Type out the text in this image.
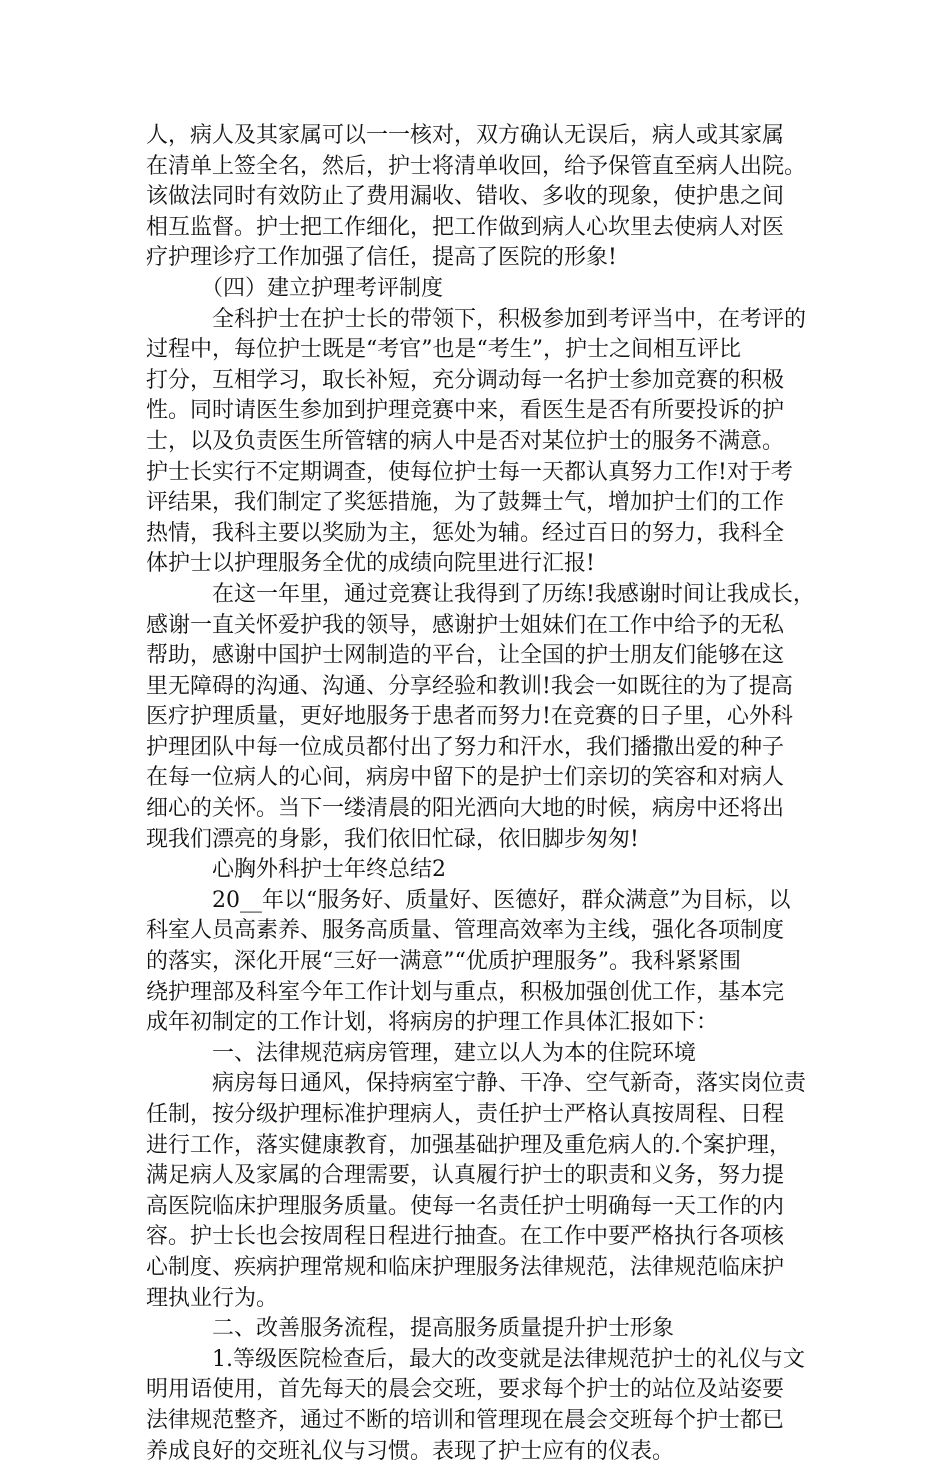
人，病人及其家属可以一一核对，双方确认无误后，病人或其家属
在清单上签全名，然后，护士将清单收回，给予保管直至病人出院。
该做法同时有效防止了费用漏收、错收、多收的现象，使护患之间
相互监督。护士把工作细化，把工作做到病人心坎里去使病人对医
疗护理诊疗工作加强了信任，提高了医院的形象!

　　　（四）建立护理考评制度

　　　全科护士在护士长的带领下，积极参加到考评当中，在考评的
过程中，每位护士既是“考官”也是“考生”，护士之间相互评比
打分，互相学习，取长补短，充分调动每一名护士参加竞赛的积极
性。同时请医生参加到护理竞赛中来，看医生是否有所要投诉的护
士，以及负责医生所管辖的病人中是否对某位护士的服务不满意。
护士长实行不定期调查，使每位护士每一天都认真努力工作!对于考
评结果，我们制定了奖惩措施，为了鼓舞士气，增加护士们的工作
热情，我科主要以奖励为主，惩处为辅。经过百日的努力，我科全
体护士以护理服务全优的成绩向院里进行汇报!

　　　在这一年里，通过竞赛让我得到了历练!我感谢时间让我成长，
感谢一直关怀爱护我的领导，感谢护士姐妹们在工作中给予的无私
帮助，感谢中国护士网制造的平台，让全国的护士朋友们能够在这
里无障碍的沟通、沟通、分享经验和教训!我会一如既往的为了提高
医疗护理质量，更好地服务于患者而努力!在竞赛的日子里，心外科
护理团队中每一位成员都付出了努力和汗水，我们播撒出爱的种子
在每一位病人的心间，病房中留下的是护士们亲切的笑容和对病人
细心的关怀。当下一缕清晨的阳光洒向大地的时候，病房中还将出
现我们漂亮的身影，我们依旧忙碌，依旧脚步匆匆!

　　　心胸外科护士年终总结2

　　　20__年以“服务好、质量好、医德好，群众满意”为目标，以
科室人员高素养、服务高质量、管理高效率为主线，强化各项制度
的落实，深化开展“三好一满意”“优质护理服务”。我科紧紧围
绕护理部及科室今年工作计划与重点，积极加强创优工作，基本完
成年初制定的工作计划，将病房的护理工作具体汇报如下：

　　　一、法律规范病房管理，建立以人为本的住院环境

　　　病房每日通风，保持病室宁静、干净、空气新奇，落实岗位责
任制，按分级护理标准护理病人，责任护士严格认真按周程、日程
进行工作，落实健康教育，加强基础护理及重危病人的.个案护理，
满足病人及家属的合理需要，认真履行护士的职责和义务，努力提
高医院临床护理服务质量。使每一名责任护士明确每一天工作的内
容。护士长也会按周程日程进行抽查。在工作中要严格执行各项核
心制度、疾病护理常规和临床护理服务法律规范，法律规范临床护
理执业行为。

　　　二、改善服务流程，提高服务质量提升护士形象

　　　1.等级医院检查后，最大的改变就是法律规范护士的礼仪与文
明用语使用，首先每天的晨会交班，要求每个护士的站位及站姿要
法律规范整齐，通过不断的培训和管理现在晨会交班每个护士都已
养成良好的交班礼仪与习惯。表现了护士应有的仪表。
